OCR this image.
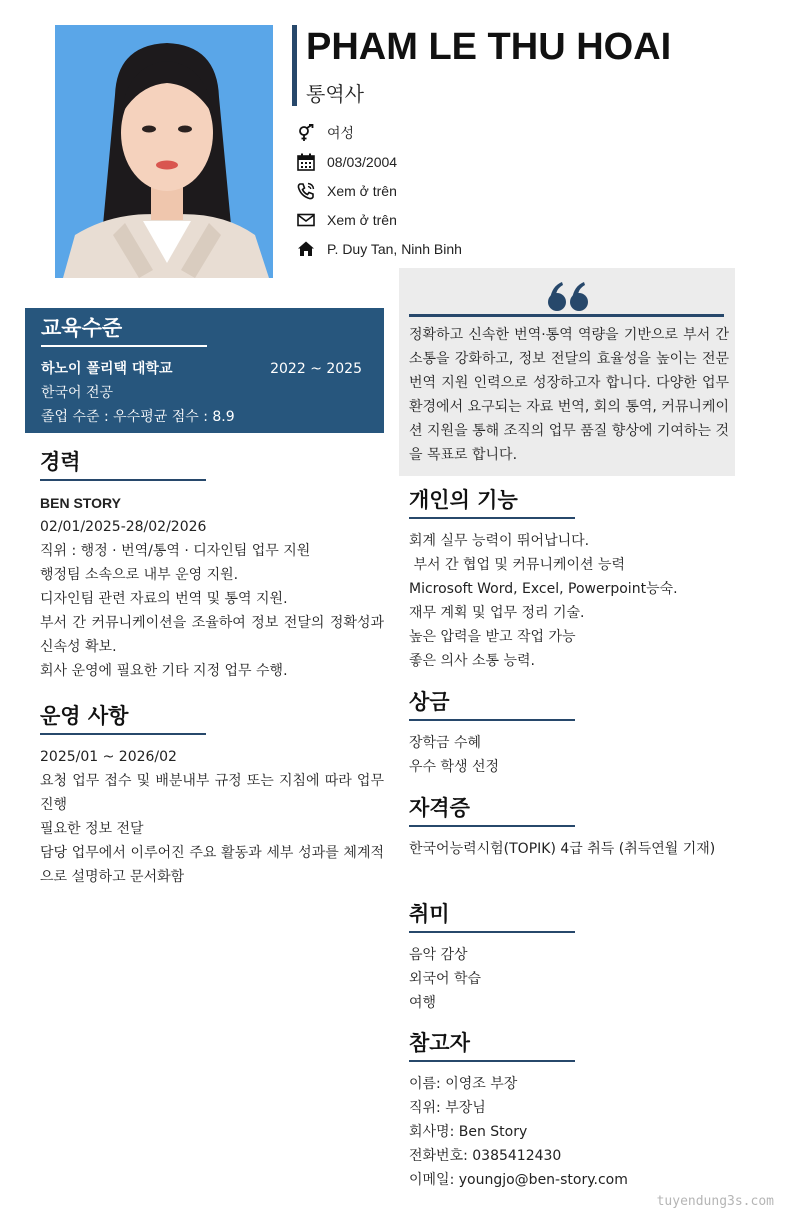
PHAM LE THU HOAI
통역사
여성
08/03/2004
Xem ở trên
Xem ở trên
P. Duy Tan, Ninh Binh

정확하고 신속한 번역·통역 역량을 기반으로 부서 간 소통을 강화하고, 정보 전달의 효율성을 높이는 전문 번역 지원 인력으로 성장하고자 합니다. 다양한 업무 환경에서 요구되는 자료 번역, 회의 통역, 커뮤니케이션 지원을 통해 조직의 업무 품질 향상에 기여하는 것을 목표로 합니다.

교육수준
하노이 폴리택 대학교	2022 ~ 2025
한국어 전공
졸업 수준 : 우수평균 점수 : 8.9
경력
BEN STORY
02/01/2025-28/02/2026
직위 : 행정 · 번역/통역 · 디자인팀 업무 지원
행정팀 소속으로 내부 운영 지원.
디자인팀 관련 자료의 번역 및 통역 지원.
부서 간 커뮤니케이션을 조율하여 정보 전달의 정확성과 신속성 확보.
회사 운영에 필요한 기타 지정 업무 수행.
운영 사항
2025/01 ~ 2026/02
요청 업무 접수 및 배분내부 규정 또는 지침에 따라 업무 진행
필요한 정보 전달
담당 업무에서 이루어진 주요 활동과 세부 성과를 체계적으로 설명하고 문서화함
개인의 기능
회계 실무 능력이 뛰어납니다.
부서 간 협업 및 커뮤니케이션 능력
Microsoft Word, Excel, Powerpoint능숙.
재무 계획 및 업무 정리 기술.
높은 압력을 받고 작업 가능
좋은 의사 소통 능력.
상금
장학금 수혜
우수 학생 선정
자격증
한국어능력시험(TOPIK) 4급 취득 (취득연월 기재)
취미
음악 감상
외국어 학습
여행
참고자
이름: 이영조 부장
직위: 부장님
회사명: Ben Story
전화번호: 0385412430
이메일: youngjo@ben-story.com
tuyendung3s.com
